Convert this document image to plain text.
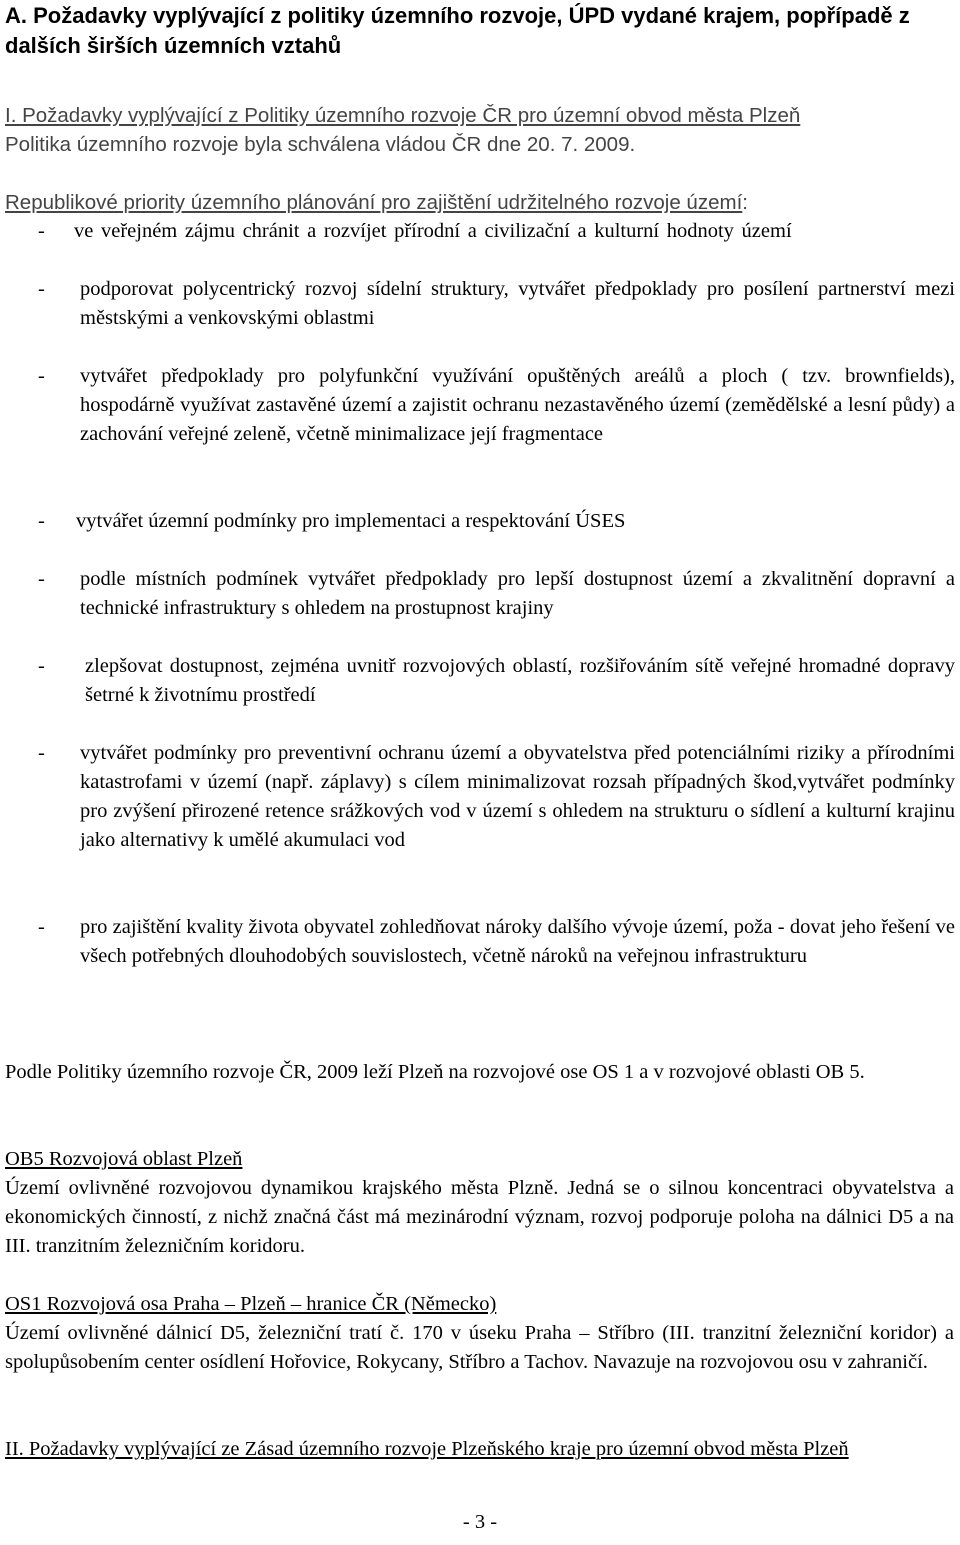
A. Požadavky vyplývající z politiky územního rozvoje, ÚPD vydané krajem, popřípadě z dalších širších územních vztahů
I. Požadavky vyplývající z Politiky územního rozvoje ČR pro územní obvod města Plzeň
Politika územního rozvoje byla schválena vládou ČR dne 20. 7. 2009.
Republikové priority územního plánování pro zajištění udržitelného rozvoje území:
- ve veřejném zájmu chránit a rozvíjet přírodní a civilizační a kulturní hodnoty území
- podporovat polycentrický rozvoj sídelní struktury, vytvářet předpoklady pro posílení partnerství mezi městskými a venkovskými oblastmi
- vytvářet předpoklady pro polyfunkční využívání opuštěných areálů a ploch ( tzv. brownfields), hospodárně využívat zastavěné území a zajistit ochranu nezastavěného území (zemědělské a lesní půdy) a zachování veřejné zeleně, včetně minimalizace její fragmentace
- vytvářet územní podmínky pro implementaci a respektování ÚSES
- podle místních podmínek vytvářet předpoklady pro lepší dostupnost území a zkvalitnění dopravní a technické infrastruktury s ohledem na prostupnost krajiny
- zlepšovat dostupnost, zejména uvnitř rozvojových oblastí, rozšiřováním sítě veřejné hromadné dopravy šetrné k životnímu prostředí
- vytvářet podmínky pro preventivní ochranu území a obyvatelstva před potenciálními riziky a přírodními katastrofami v území (např. záplavy) s cílem minimalizovat rozsah případných škod,vytvářet podmínky pro zvýšení přirozené retence srážkových vod v území s ohledem na strukturu o sídlení a kulturní krajinu jako alternativy k umělé akumulaci vod
- pro zajištění kvality života obyvatel zohledňovat nároky dalšího vývoje území, poža - dovat jeho řešení ve všech potřebných dlouhodobých souvislostech, včetně nároků na veřejnou infrastrukturu

Podle Politiky územního rozvoje ČR, 2009 leží Plzeň na rozvojové ose OS 1 a v rozvojové oblasti OB 5.

OB5 Rozvojová oblast Plzeň

Území ovlivněné rozvojovou dynamikou krajského města Plzně. Jedná se o silnou koncentraci obyvatelstva a ekonomických činností, z nichž značná část má mezinárodní význam, rozvoj podporuje poloha na dálnici D5 a na III. tranzitním železničním koridoru.

OS1 Rozvojová osa Praha – Plzeň – hranice ČR (Německo)

Území ovlivněné dálnicí D5, železniční tratí č. 170 v úseku Praha – Stříbro (III. tranzitní železniční koridor) a spolupůsobením center osídlení Hořovice, Rokycany, Stříbro a Tachov. Navazuje na rozvojovou osu v zahraničí.

II. Požadavky vyplývající ze Zásad územního rozvoje Plzeňského kraje pro územní obvod města Plzeň
- 3 -
